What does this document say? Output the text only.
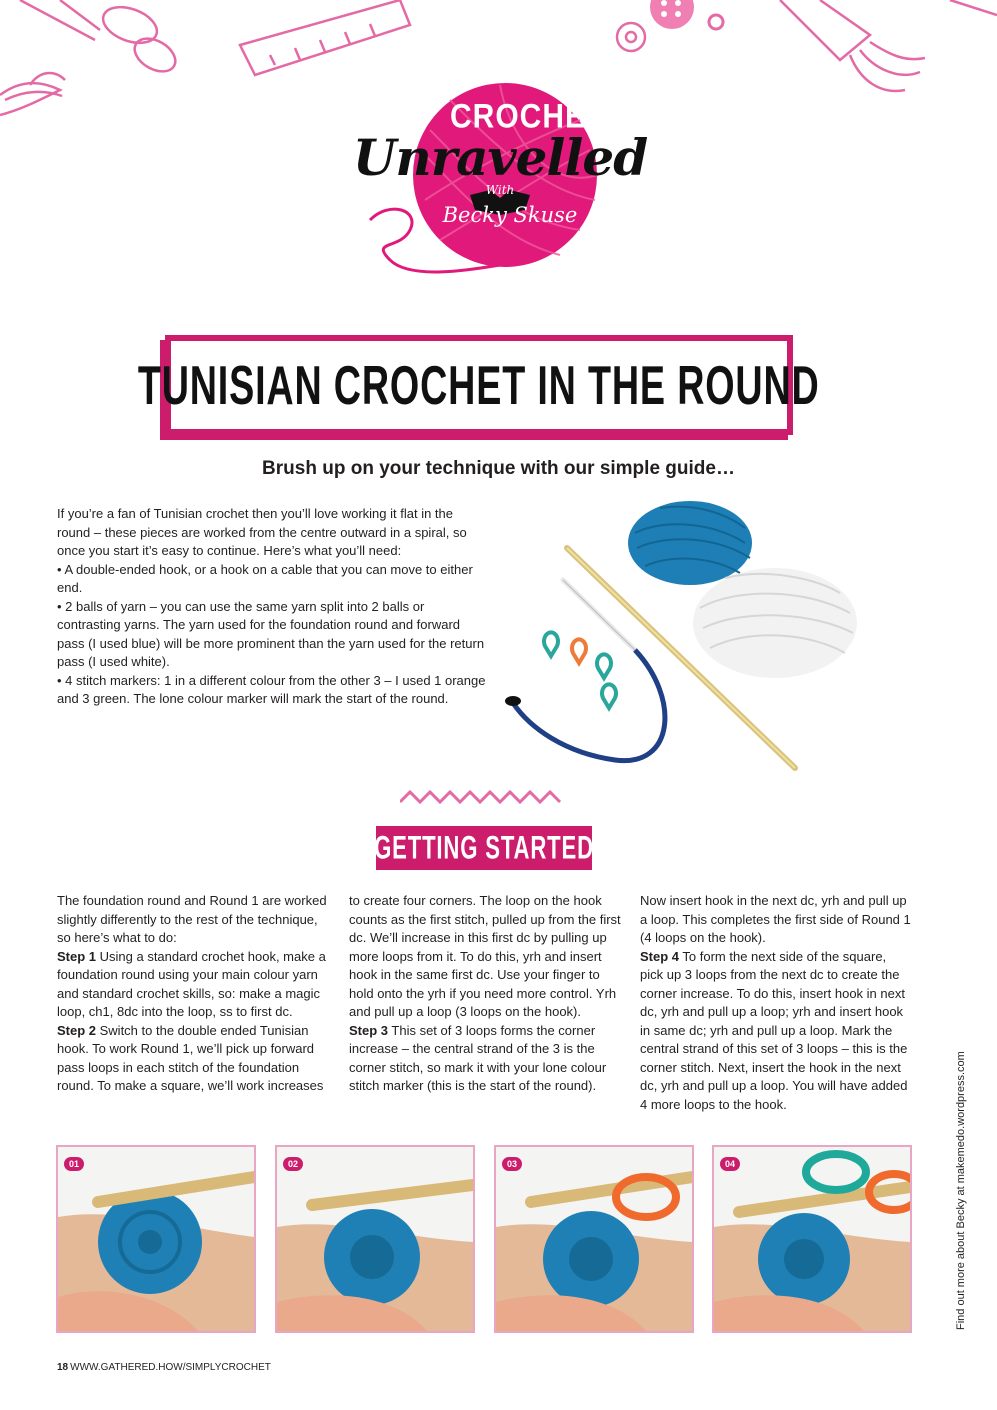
CROCHET
Unravelled
With
Becky Skuse
TUNISIAN CROCHET IN THE ROUND
Brush up on your technique with our simple guide…

If you’re a fan of Tunisian crochet then you’ll love working it flat in the round – these pieces are worked from the centre outward in a spiral, so once you start it’s easy to continue. Here’s what you’ll need:

• A double-ended hook, or a hook on a cable that you can move to either end.

• 2 balls of yarn – you can use the same yarn split into 2 balls or contrasting yarns. The yarn used for the foundation round and forward pass (I used blue) will be more prominent than the yarn used for the return pass (I used white).

• 4 stitch markers: 1 in a different colour from the other 3 – I used 1 orange and 3 green. The lone colour marker will mark the start of the round.

GETTING STARTED

The foundation round and Round 1 are worked slightly differently to the rest of the technique, so here’s what to do:

Step 1 Using a standard crochet hook, make a foundation round using your main colour yarn and standard crochet skills, so: make a magic loop, ch1, 8dc into the loop, ss to first dc.

Step 2 Switch to the double ended Tunisian hook. To work Round 1, we’ll pick up forward pass loops in each stitch of the foundation round. To make a square, we’ll work increases

to create four corners. The loop on the hook counts as the first stitch, pulled up from the first dc. We’ll increase in this first dc by pulling up more loops from it. To do this, yrh and insert hook in the same first dc. Use your finger to hold onto the yrh if you need more control. Yrh and pull up a loop (3 loops on the hook).

Step 3 This set of 3 loops forms the corner increase – the central strand of the 3 is the corner stitch, so mark it with your lone colour stitch marker (this is the start of the round).

Now insert hook in the next dc, yrh and pull up a loop. This completes the first side of Round 1 (4 loops on the hook).

Step 4 To form the next side of the square, pick up 3 loops from the next dc to create the corner increase. To do this, insert hook in next dc, yrh and pull up a loop; yrh and insert hook in same dc; yrh and pull up a loop. Mark the central strand of this set of 3 loops – this is the corner stitch. Next, insert the hook in the next dc, yrh and pull up a loop. You will have added 4 more loops to the hook.

01	02	03	04	Find out more about Becky at makemedo.wordpress.com
18 WWW.GATHERED.HOW/SIMPLYCROCHET
